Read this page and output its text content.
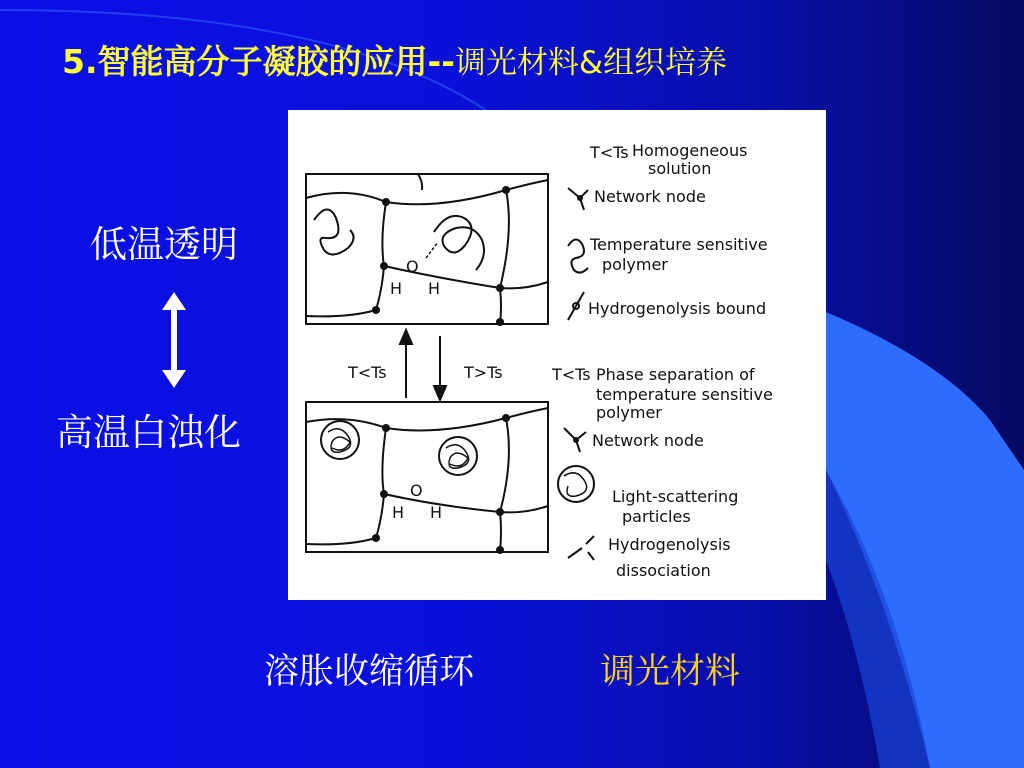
5.智能高分子凝胶的应用--调光材料&组织培养
低温透明
高温白浊化
O
H H
T<Ts Homogeneous
solution
Network node
Temperature sensitive
polymer
Hydrogenolysis bound
T<Ts	T>Ts
O
H H
T<Ts Phase separation of
temperature sensitive
polymer
Network node
Light-scattering
particles
Hydrogenolysis
dissociation
溶胀收缩循环	调光材料
